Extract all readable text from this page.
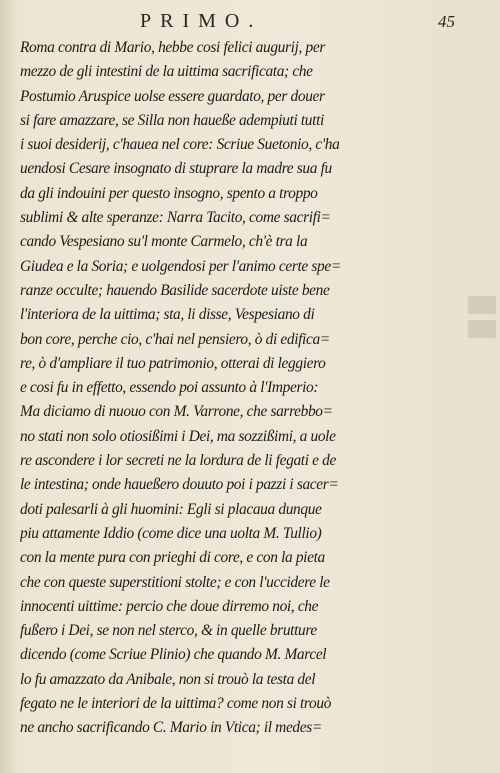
PRIMO.	45
Roma contra di Mario, hebbe cosi felici augurij, per
mezzo de gli intestini de la uittima sacrificata; che
Postumio Aruspice uolse essere guardato, per douer
si fare amazzare, se Silla non haueße adempiuti tutti
i suoi desiderij, c'hauea nel core: Scriue Suetonio, c'ha
uendosi Cesare insognato di stuprare la madre sua fu
da gli indouini per questo insogno, spento a troppo
sublimi & alte speranze: Narra Tacito, come sacrifi=
cando Vespesiano su'l monte Carmelo, ch'è tra la
Giudea e la Soria; e uolgendosi per l'animo certe spe=
ranze occulte; hauendo Basilide sacerdote uiste bene
l'interiora de la uittima; sta, li disse, Vespesiano di
bon core, perche cio, c'hai nel pensiero, ò di edifica=
re, ò d'ampliare il tuo patrimonio, otterai di leggiero
e cosi fu in effetto, essendo poi assunto à l'Imperio:
Ma diciamo di nuouo con M. Varrone, che sarrebbo=
no stati non solo otiosißimi i Dei, ma sozzißimi, a uole
re ascondere i lor secreti ne la lordura de li fegati e de
le intestina; onde haueßero douuto poi i pazzi i sacer=
doti palesarli à gli huomini: Egli si placaua dunque
piu attamente Iddio (come dice una uolta M. Tullio)
con la mente pura con prieghi di core, e con la pieta
che con queste superstitioni stolte; e con l'uccidere le
innocenti uittime: percio che doue dirremo noi, che
fußero i Dei, se non nel sterco, & in quelle brutture
dicendo (come Scriue Plinio) che quando M. Marcel
lo fu amazzato da Anibale, non si trouò la testa del
fegato ne le interiori de la uittima? come non si trouò
ne ancho sacrificando C. Mario in Vtica; il medes=
